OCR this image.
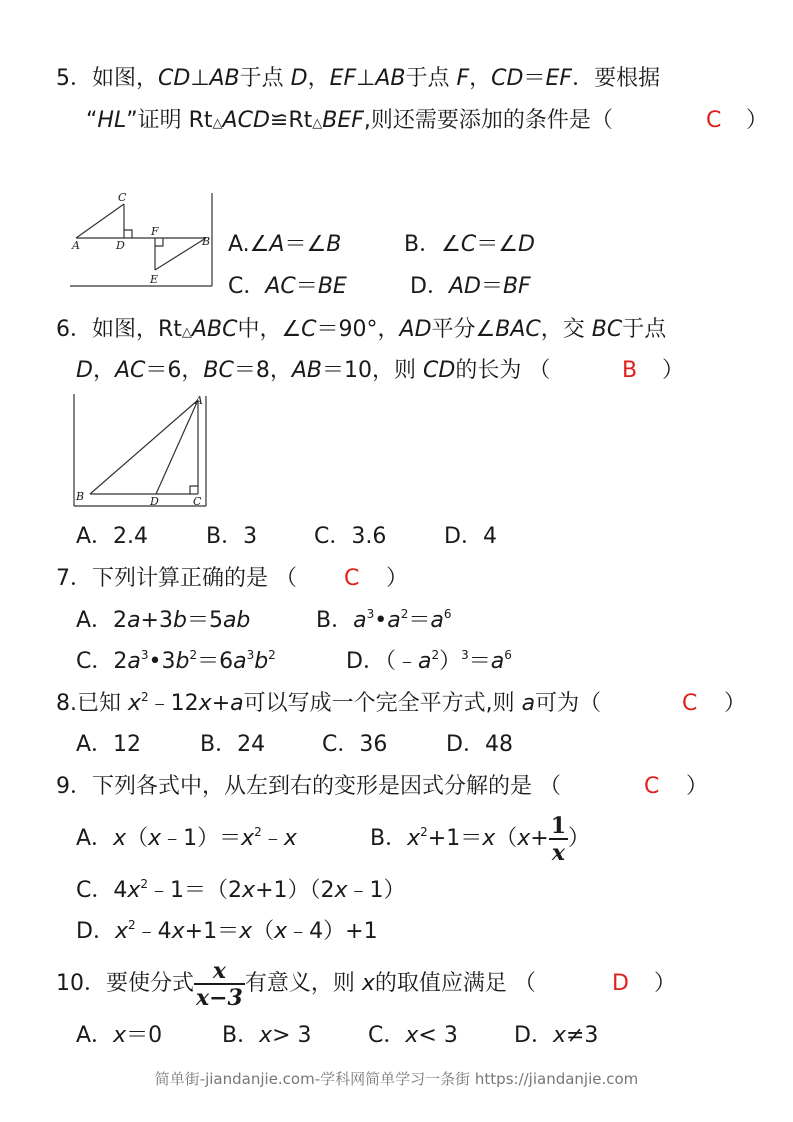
5．如图，CD⊥AB于点 D，EF⊥AB于点 F，CD＝EF．要根据
“HL”证明 Rt△ACD≌Rt△BEF,则还需要添加的条件是（	C ）
C
A	D
F
B
E
A.∠A＝∠B	B．∠C＝∠D
C．AC＝BE	D．AD＝BF
6．如图，Rt△ABC中，∠C＝90°，AD平分∠BAC，交 BC于点
D，AC＝6，BC＝8，AB＝10，则 CD的长为 （	B ）
A
B	D	C
A．2.4	B．3	C．3.6	D．4
7．下列计算正确的是 （ C ）
A．2a+3b＝5ab	B．$a^3•a^2=a^6$
C．$2a^3•3b^2=6a^3b^2$	D．$(﹣a^2)^3=a^6$
8.已知 $x^2﹣12x+a$可以写成一个完全平方式,则 a可为（	C ）
A．12	B．24	C．36	D．48
9．下列各式中，从左到右的变形是因式分解的是 （	C ）
A．$x(x﹣1)=x^2﹣x$	B．$x^2+1=x(x+ \frac{1}{x}$ ）
C．$4x^2﹣1=(2x+1)(2x﹣1)$
D．$x^2﹣4x+1=x(x﹣4)+1$
10．要使分式 $\frac{x}{x-3}$ 有意义，则 x的取值应满足 （	D ）
A．x＝0	B．x> 3	C．x< 3	D．x≠3
简单街-jiandanjie.com-学科网简单学习一条街 https://jiandanjie.com
